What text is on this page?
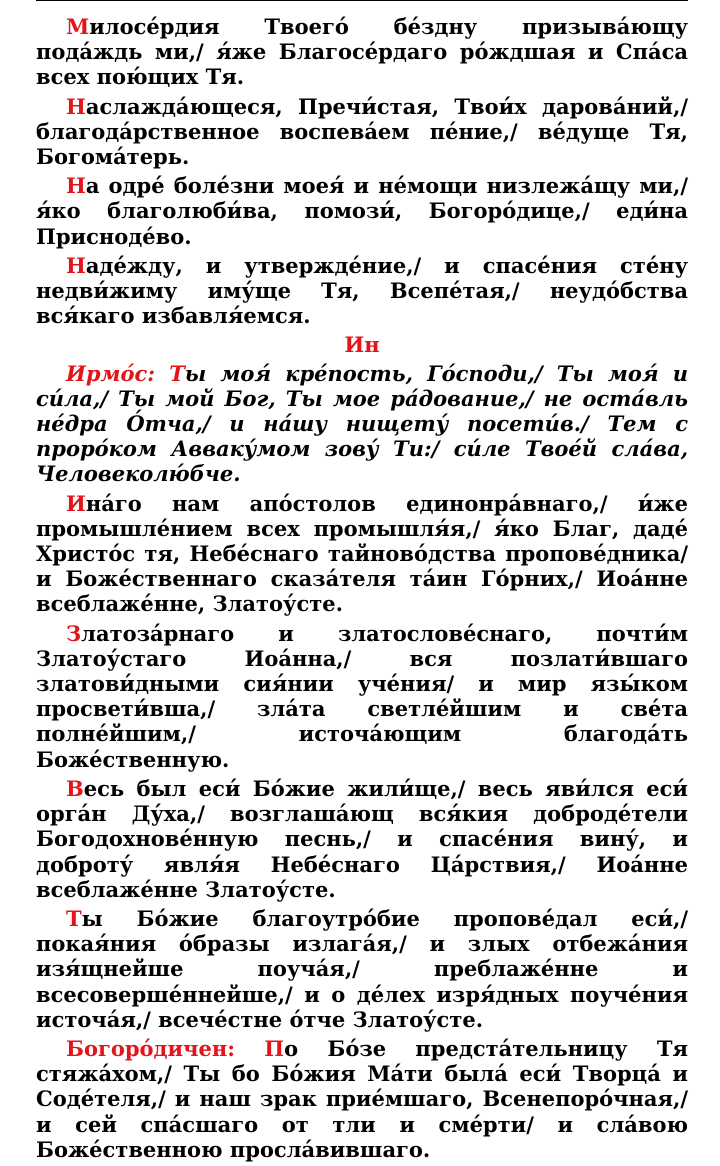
Милосе́рдия Твоего́ бе́здну призыва́ющу пода́ждь ми,/ я́же Благосе́рдаго ро́ждшая и Спа́са всех пою́щих Тя.

Наслажда́ющеся, Пречи́стая, Твои́х дарова́ний,/ благода́рственное воспева́ем пе́ние,/ ве́дуще Тя, Богома́терь.

На одре́ боле́зни моея́ и не́мощи низлежа́щу ми,/ я́ко благолюби́ва, помози́, Богоро́дице,/ еди́на Присноде́во.

Наде́жду, и утвержде́ние,/ и спасе́ния сте́ну недви́жиму иму́ще Тя, Всепе́тая,/ неудо́бства вся́каго избавля́емся.

Ин

Ирмо́с: Ты моя́ кре́пость, Го́споди,/ Ты моя́ и си́ла,/ Ты мой Бог, Ты мое ра́дование,/ не оста́вль не́дра О́тча,/ и на́шу нищету́ посети́в./ Тем с проро́ком Авваку́мом зову́ Ти:/ си́ле Твое́й сла́ва, Человеколю́бче.

Ина́го нам апо́столов единонра́внаго,/ и́же промышле́нием всех промышля́я,/ я́ко Благ, даде́ Христо́с тя, Небе́снаго тайново́дства пропове́дника/ и Боже́ственнаго сказа́теля та́ин Го́рних,/ Иоа́нне всеблаже́нне, Златоу́сте.

Златоза́рнаго и златослове́снаго, почти́м Златоу́стаго Иоа́нна,/ вся позлати́вшаго златови́дными сия́нии уче́ния/ и мир язы́ком просвети́вша,/ зла́та светле́йшим и све́та полне́йшим,/ источа́ющим благода́ть Боже́ственную.

Весь был еси́ Бо́жие жили́ще,/ весь яви́лся еси́ орга́н Ду́ха,/ возглаша́ющ вся́кия доброде́тели Богодохнове́нную песнь,/ и спасе́ния вину́, и доброту́ явля́я Небе́снаго Ца́рствия,/ Иоа́нне всеблаже́нне Златоу́сте.

Ты Бо́жие благоутро́бие пропове́дал еси́,/ покая́ния о́бразы излага́я,/ и злых отбежа́ния изя́щнейше поуча́я,/ преблаже́нне и всесоверше́ннейше,/ и о де́лех изря́дных поуче́ния источа́я,/ всече́стне о́тче Златоу́сте.

Богоро́дичен: По Бо́зе предста́тельницу Тя стяжа́хом,/ Ты бо Бо́жия Ма́ти была́ еси́ Творца́ и Соде́теля,/ и наш зрак прие́мшаго, Всенепоро́чная,/ и сей спа́сшаго от тли и сме́рти/ и сла́вою Боже́ственною просла́вившаго.
